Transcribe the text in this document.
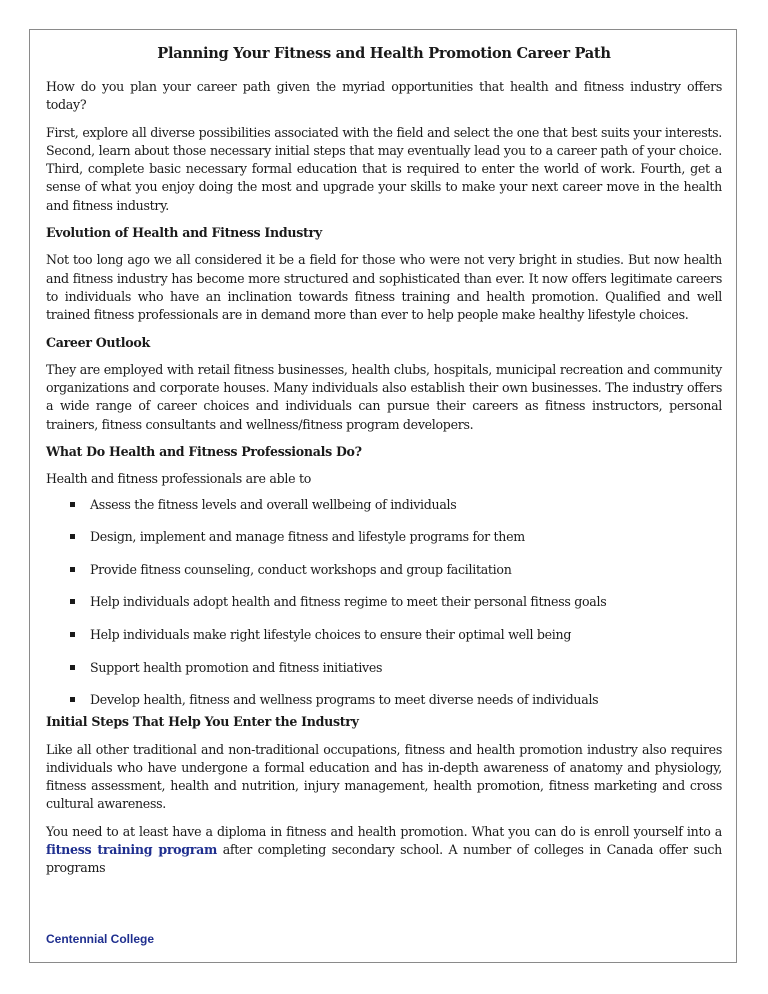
Planning Your Fitness and Health Promotion Career Path

How do you plan your career path given the myriad opportunities that health and fitness industry offers today?

First, explore all diverse possibilities associated with the field and select the one that best suits your interests. Second, learn about those necessary initial steps that may eventually lead you to a career path of your choice. Third, complete basic necessary formal education that is required to enter the world of work. Fourth, get a sense of what you enjoy doing the most and upgrade your skills to make your next career move in the health and fitness industry.

Evolution of Health and Fitness Industry

Not too long ago we all considered it be a field for those who were not very bright in studies. But now health and fitness industry has become more structured and sophisticated than ever. It now offers legitimate careers to individuals who have an inclination towards fitness training and health promotion. Qualified and well trained fitness professionals are in demand more than ever to help people make healthy lifestyle choices.

Career Outlook

They are employed with retail fitness businesses, health clubs, hospitals, municipal recreation and community organizations and corporate houses. Many individuals also establish their own businesses. The industry offers a wide range of career choices and individuals can pursue their careers as fitness instructors, personal trainers, fitness consultants and wellness/fitness program developers.

What Do Health and Fitness Professionals Do?

Health and fitness professionals are able to

Assess the fitness levels and overall wellbeing of individuals
Design, implement and manage fitness and lifestyle programs for them
Provide fitness counseling, conduct workshops and group facilitation
Help individuals adopt health and fitness regime to meet their personal fitness goals
Help individuals make right lifestyle choices to ensure their optimal well being
Support health promotion and fitness initiatives
Develop health, fitness and wellness programs to meet diverse needs of individuals
Initial Steps That Help You Enter the Industry

Like all other traditional and non-traditional occupations, fitness and health promotion industry also requires individuals who have undergone a formal education and has in-depth awareness of anatomy and physiology, fitness assessment, health and nutrition, injury management, health promotion, fitness marketing and cross cultural awareness.

You need to at least have a diploma in fitness and health promotion. What you can do is enroll yourself into a fitness training program after completing secondary school. A number of colleges in Canada offer such programs

Centennial College
